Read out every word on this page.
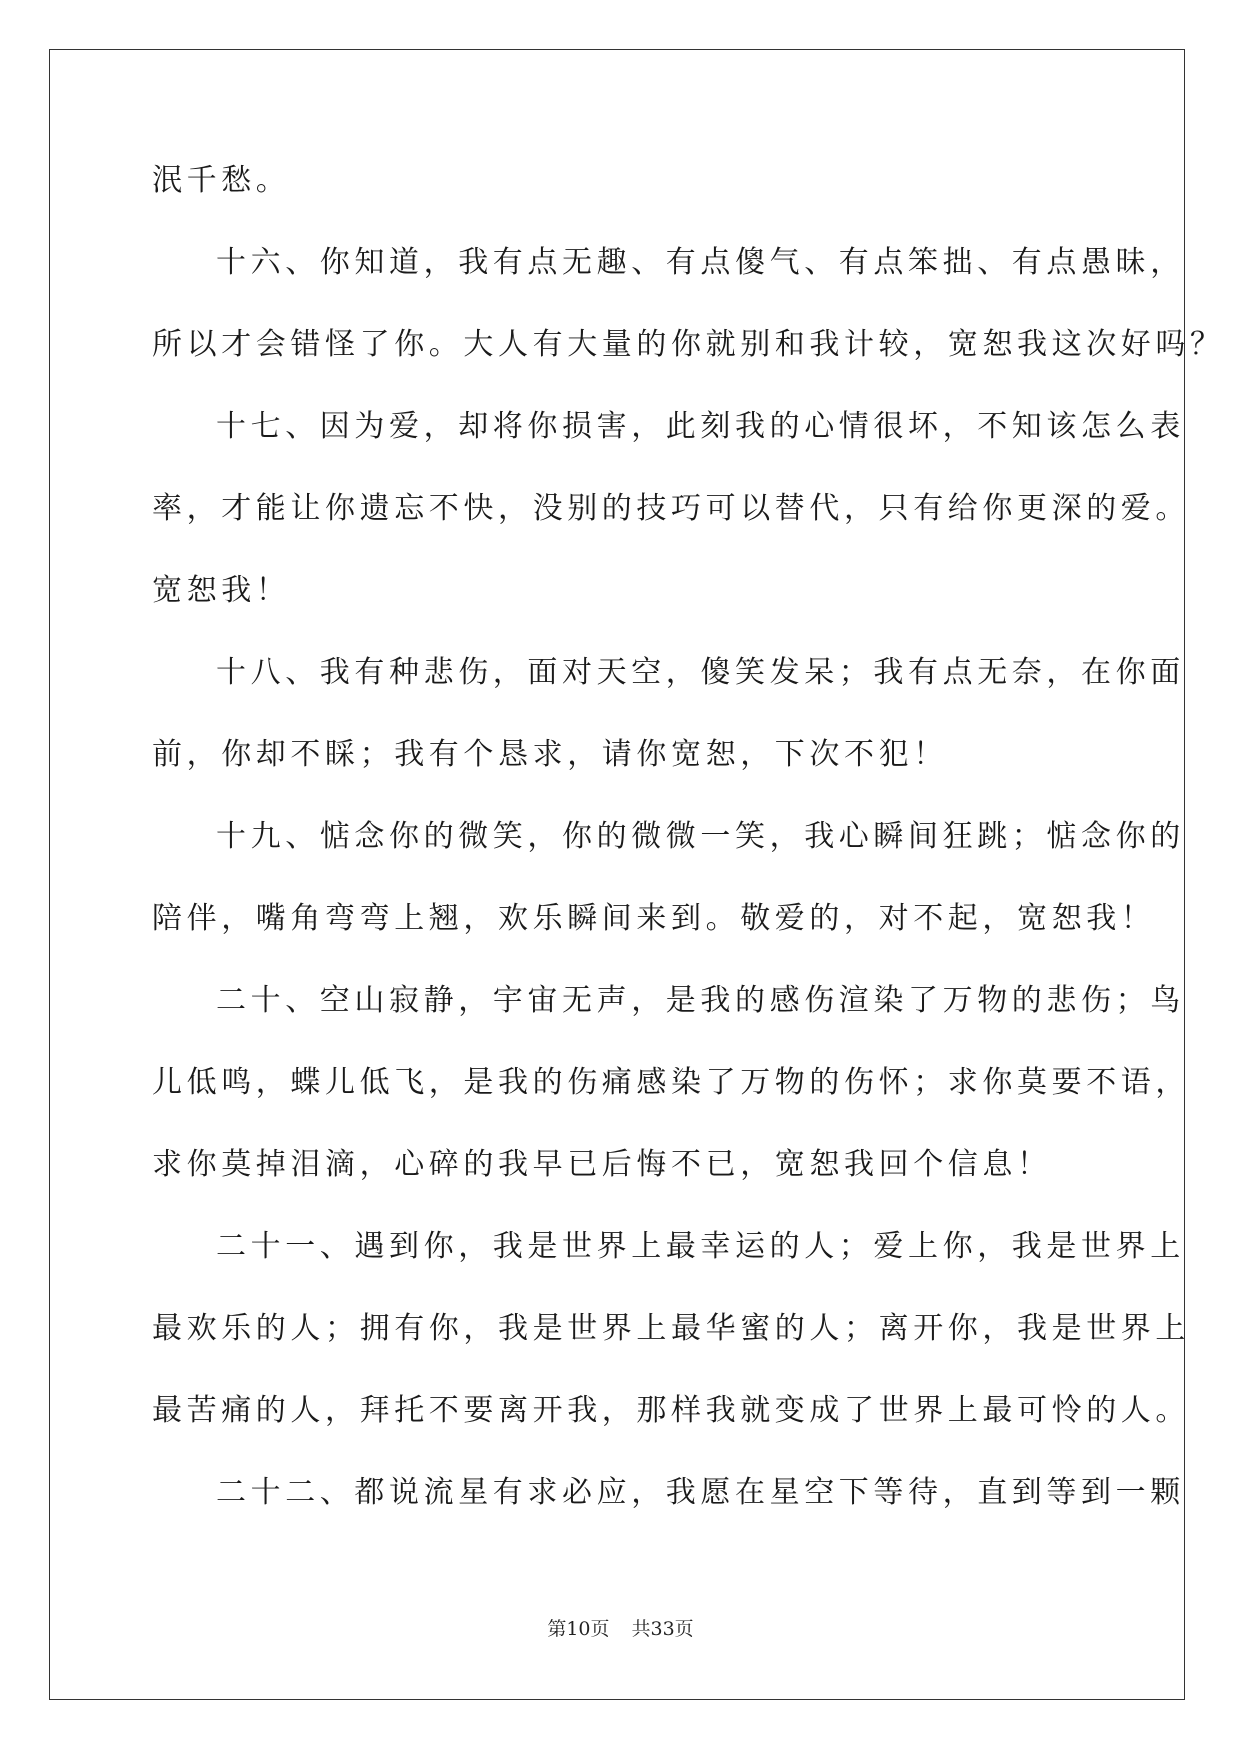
泯千愁。
十六、你知道，我有点无趣、有点傻气、有点笨拙、有点愚昧，
所以才会错怪了你。大人有大量的你就别和我计较，宽恕我这次好吗？
十七、因为爱，却将你损害，此刻我的心情很坏，不知该怎么表
率，才能让你遗忘不快，没别的技巧可以替代，只有给你更深的爱。
宽恕我！
十八、我有种悲伤，面对天空，傻笑发呆；我有点无奈，在你面
前，你却不睬；我有个恳求，请你宽恕，下次不犯！
十九、惦念你的微笑，你的微微一笑，我心瞬间狂跳；惦念你的
陪伴，嘴角弯弯上翘，欢乐瞬间来到。敬爱的，对不起，宽恕我！
二十、空山寂静，宇宙无声，是我的感伤渲染了万物的悲伤；鸟
儿低鸣，蝶儿低飞，是我的伤痛感染了万物的伤怀；求你莫要不语，
求你莫掉泪滴，心碎的我早已后悔不已，宽恕我回个信息！
二十一、遇到你，我是世界上最幸运的人；爱上你，我是世界上
最欢乐的人；拥有你，我是世界上最华蜜的人；离开你，我是世界上
最苦痛的人，拜托不要离开我，那样我就变成了世界上最可怜的人。
二十二、都说流星有求必应，我愿在星空下等待，直到等到一颗
第10页 共33页
